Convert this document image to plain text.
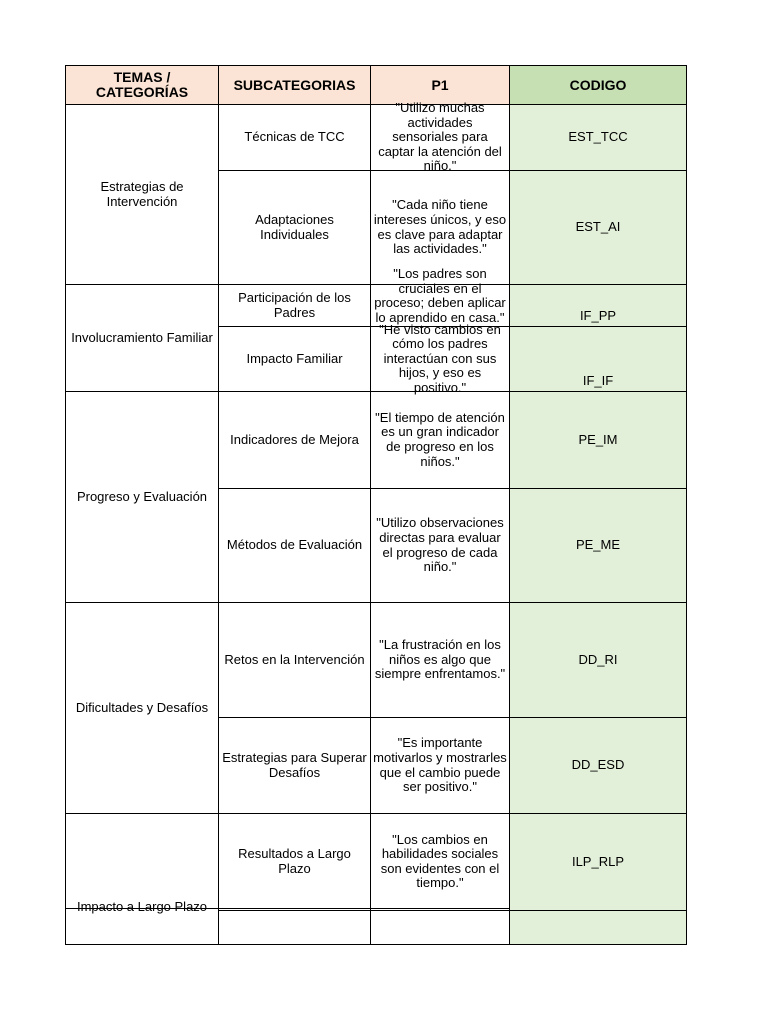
TEMAS / CATEGORÍAS	SUBCATEGORIAS	P1	CODIGO
Estrategias de Intervención	Técnicas de TCC	"Utilizo muchas actividades sensoriales para captar la atención del niño."	EST_TCC
	Adaptaciones Individuales	"Cada niño tiene intereses únicos, y eso es clave para adaptar las actividades."	EST_AI
Involucramiento Familiar	Participación de los Padres	"Los padres son cruciales en el proceso; deben aplicar lo aprendido en casa."	IF_PP
	Impacto Familiar	"He visto cambios en cómo los padres interactúan con sus hijos, y eso es positivo."	IF_IF
Progreso y Evaluación	Indicadores de Mejora	"El tiempo de atención es un gran indicador de progreso en los niños."	PE_IM
	Métodos de Evaluación	"Utilizo observaciones directas para evaluar el progreso de cada niño."	PE_ME
Dificultades y Desafíos	Retos en la Intervención	"La frustración en los niños es algo que siempre enfrentamos."	DD_RI
	Estrategias para Superar Desafíos	"Es importante motivarlos y mostrarles que el cambio puede ser positivo."	DD_ESD

Impacto a Largo Plazo	Resultados a Largo Plazo	"Los cambios en habilidades sociales son evidentes con el tiempo."	ILP_RLP
